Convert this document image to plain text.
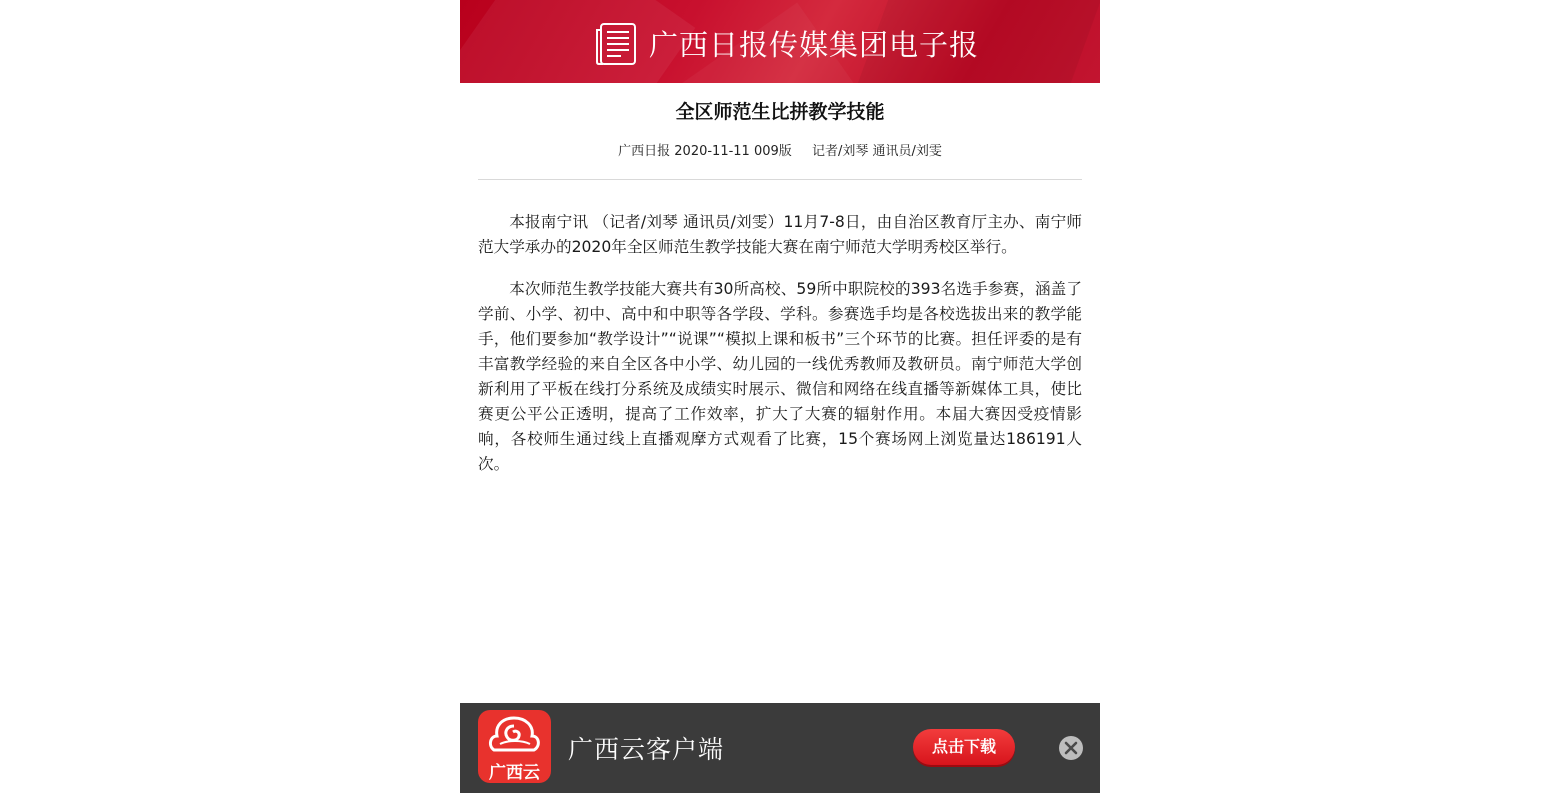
广西日报传媒集团电子报
全区师范生比拼教学技能
广西日报 2020-11-11 009版 记者/刘琴 通讯员/刘雯

本报南宁讯 （记者/刘琴 通讯员/刘雯）11月7-8日，由自治区教育厅主办、南宁师范大学承办的2020年全区师范生教学技能大赛在南宁师范大学明秀校区举行。

本次师范生教学技能大赛共有30所高校、59所中职院校的393名选手参赛，涵盖了学前、小学、初中、高中和中职等各学段、学科。参赛选手均是各校选拔出来的教学能手，他们要参加“教学设计”“说课”“模拟上课和板书”三个环节的比赛。担任评委的是有丰富教学经验的来自全区各中小学、幼儿园的一线优秀教师及教研员。南宁师范大学创新利用了平板在线打分系统及成绩实时展示、微信和网络在线直播等新媒体工具，使比赛更公平公正透明，提高了工作效率，扩大了大赛的辐射作用。本届大赛因受疫情影响，各校师生通过线上直播观摩方式观看了比赛，15个赛场网上浏览量达186191人次。

广西云
广西云客户端	点击下载
